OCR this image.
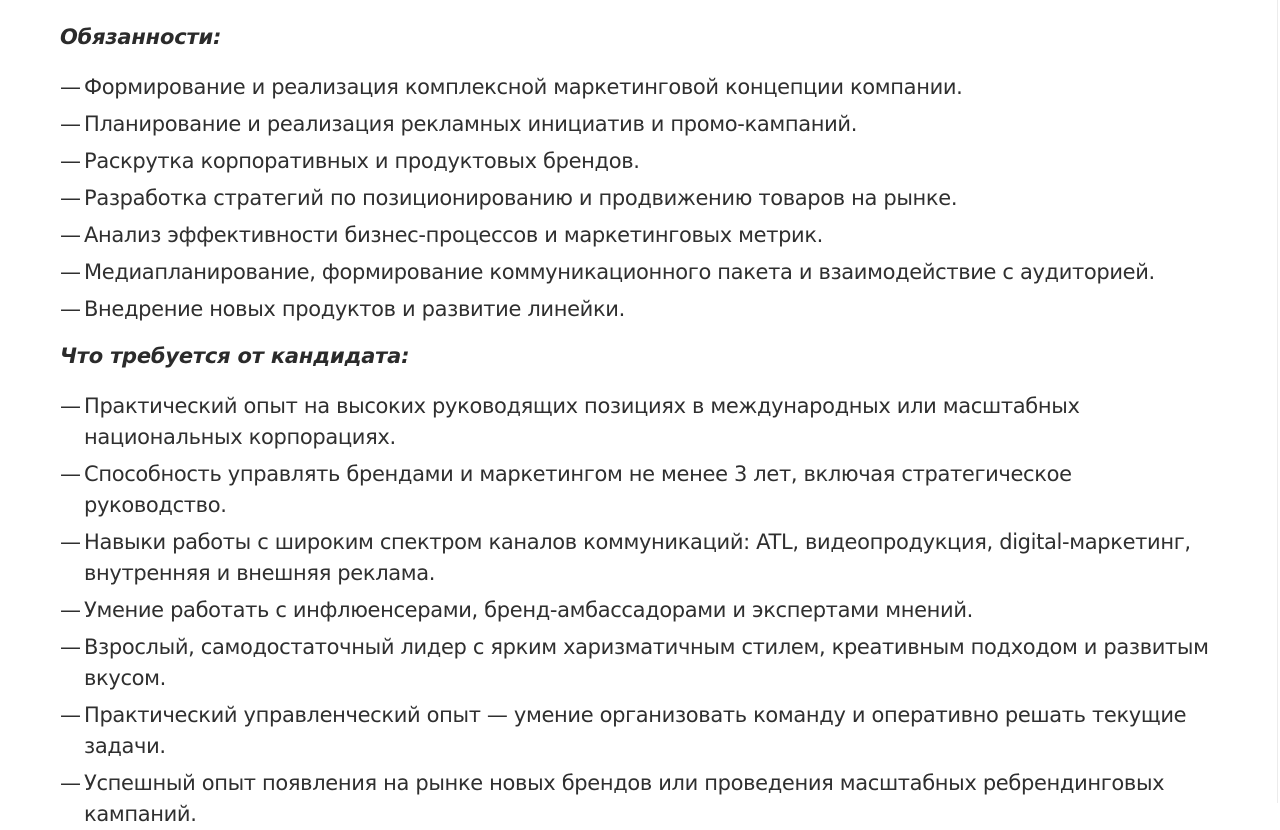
Обязанности:
— Формирование и реализация комплексной маркетинговой концепции компании.
— Планирование и реализация рекламных инициатив и промо-кампаний.
— Раскрутка корпоративных и продуктовых брендов.
— Разработка стратегий по позиционированию и продвижению товаров на рынке.
— Анализ эффективности бизнес-процессов и маркетинговых метрик.
— Медиапланирование, формирование коммуникационного пакета и взаимодействие с аудиторией.
— Внедрение новых продуктов и развитие линейки.
Что требуется от кандидата:
— Практический опыт на высоких руководящих позициях в международных или масштабных национальных корпорациях.
— Способность управлять брендами и маркетингом не менее 3 лет, включая стратегическое руководство.
— Навыки работы с широким спектром каналов коммуникаций: ATL, видеопродукция, digital-маркетинг, внутренняя и внешняя реклама.
— Умение работать с инфлюенсерами, бренд-амбассадорами и экспертами мнений.
— Взрослый, самодостаточный лидер с ярким харизматичным стилем, креативным подходом и развитым вкусом.
— Практический управленческий опыт — умение организовать команду и оперативно решать текущие задачи.
— Успешный опыт появления на рынке новых брендов или проведения масштабных ребрендинговых кампаний.
